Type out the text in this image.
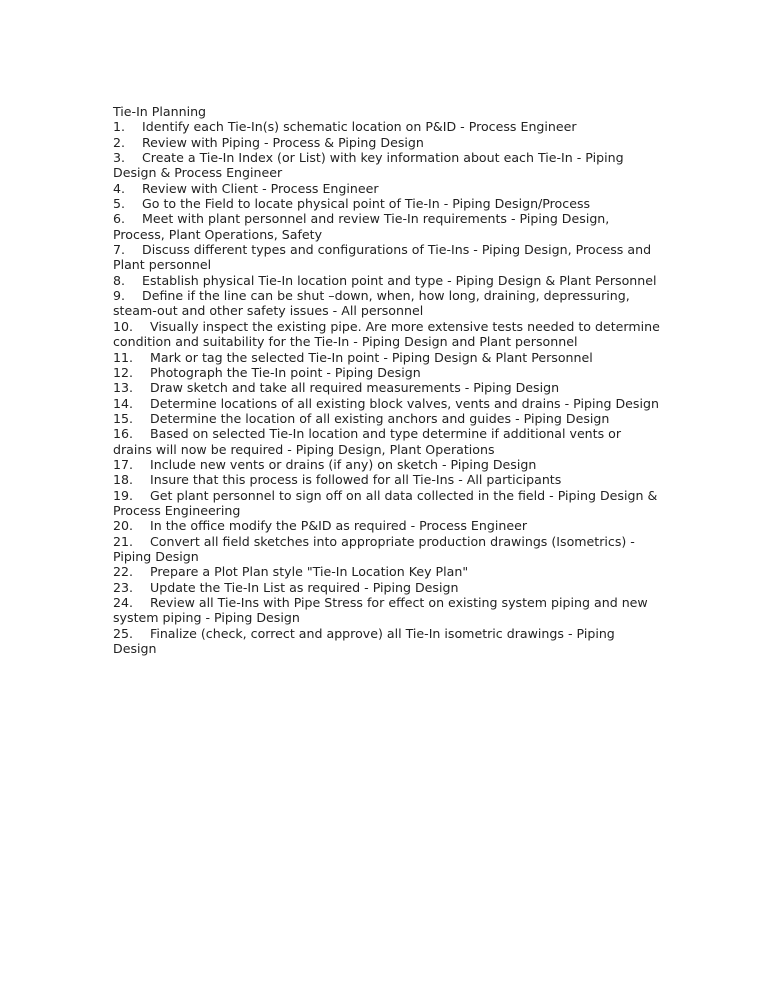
Tie-In Planning

1. Identify each Tie-In(s) schematic location on P&ID - Process Engineer

2. Review with Piping - Process & Piping Design

3. Create a Tie-In Index (or List) with key information about each Tie-In - Piping Design & Process Engineer

4. Review with Client - Process Engineer

5. Go to the Field to locate physical point of Tie-In - Piping Design/Process

6. Meet with plant personnel and review Tie-In requirements - Piping Design, Process, Plant Operations, Safety

7. Discuss different types and configurations of Tie-Ins - Piping Design, Process and Plant personnel

8. Establish physical Tie-In location point and type - Piping Design & Plant Personnel

9. Define if the line can be shut –down, when, how long, draining, depressuring, steam-out and other safety issues - All personnel

10. Visually inspect the existing pipe. Are more extensive tests needed to determine condition and suitability for the Tie-In - Piping Design and Plant personnel

11. Mark or tag the selected Tie-In point - Piping Design & Plant Personnel

12. Photograph the Tie-In point - Piping Design

13. Draw sketch and take all required measurements - Piping Design

14. Determine locations of all existing block valves, vents and drains - Piping Design

15. Determine the location of all existing anchors and guides - Piping Design

16. Based on selected Tie-In location and type determine if additional vents or drains will now be required - Piping Design, Plant Operations

17. Include new vents or drains (if any) on sketch - Piping Design

18. Insure that this process is followed for all Tie-Ins - All participants

19. Get plant personnel to sign off on all data collected in the field - Piping Design & Process Engineering

20. In the office modify the P&ID as required - Process Engineer

21. Convert all field sketches into appropriate production drawings (Isometrics) - Piping Design

22. Prepare a Plot Plan style "Tie-In Location Key Plan"

23. Update the Tie-In List as required - Piping Design

24. Review all Tie-Ins with Pipe Stress for effect on existing system piping and new system piping - Piping Design

25. Finalize (check, correct and approve) all Tie-In isometric drawings - Piping Design
